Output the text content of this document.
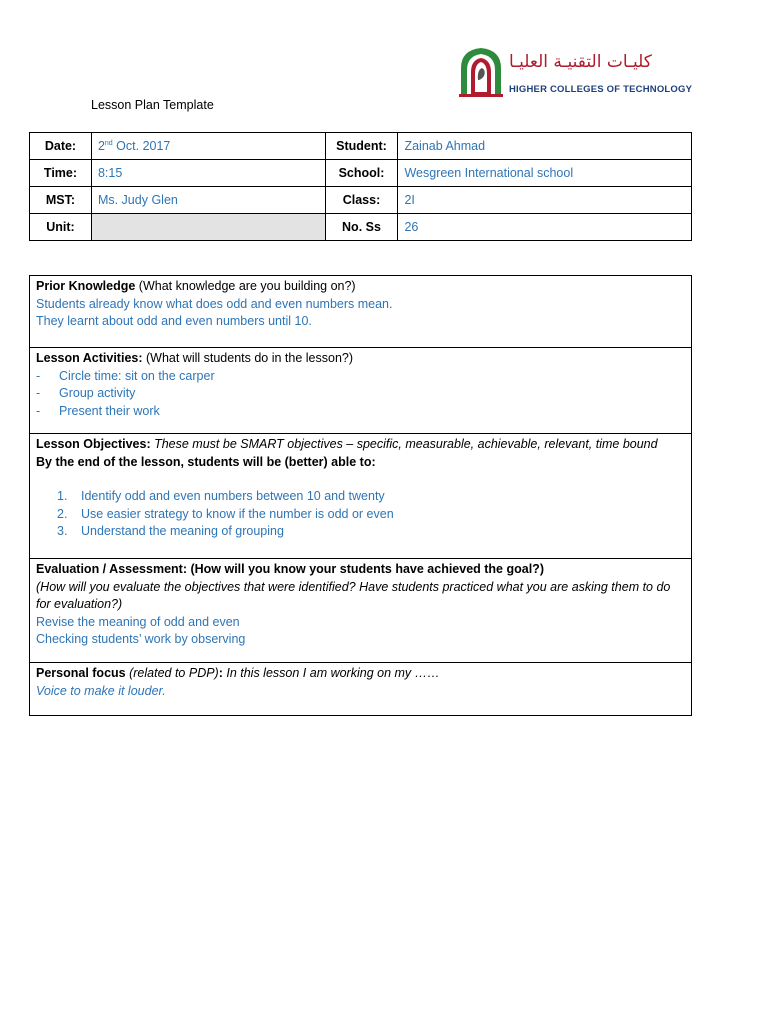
كليـات التقنيـة العليـا
HIGHER COLLEGES OF TECHNOLOGY
Lesson Plan Template
Date:	2nd Oct. 2017	Student:	Zainab Ahmad
Time:	8:15	School:	Wesgreen International school
MST:	Ms. Judy Glen	Class:	2I
Unit:		No. Ss	26
Prior Knowledge (What knowledge are you building on?)
Students already know what does odd and even numbers mean.
They learnt about odd and even numbers until 10.
Lesson Activities: (What will students do in the lesson?)
- Circle time: sit on the carper
- Group activity
- Present their work
Lesson Objectives: These must be SMART objectives – specific, measurable, achievable, relevant, time bound
By the end of the lesson, students will be (better) able to:
1. Identify odd and even numbers between 10 and twenty
2. Use easier strategy to know if the number is odd or even
3. Understand the meaning of grouping
Evaluation / Assessment: (How will you know your students have achieved the goal?)
(How will you evaluate the objectives that were identified? Have students practiced what you are asking them to do
for evaluation?)
Revise the meaning of odd and even
Checking students’ work by observing
Personal focus (related to PDP): In this lesson I am working on my ……
Voice to make it louder.
